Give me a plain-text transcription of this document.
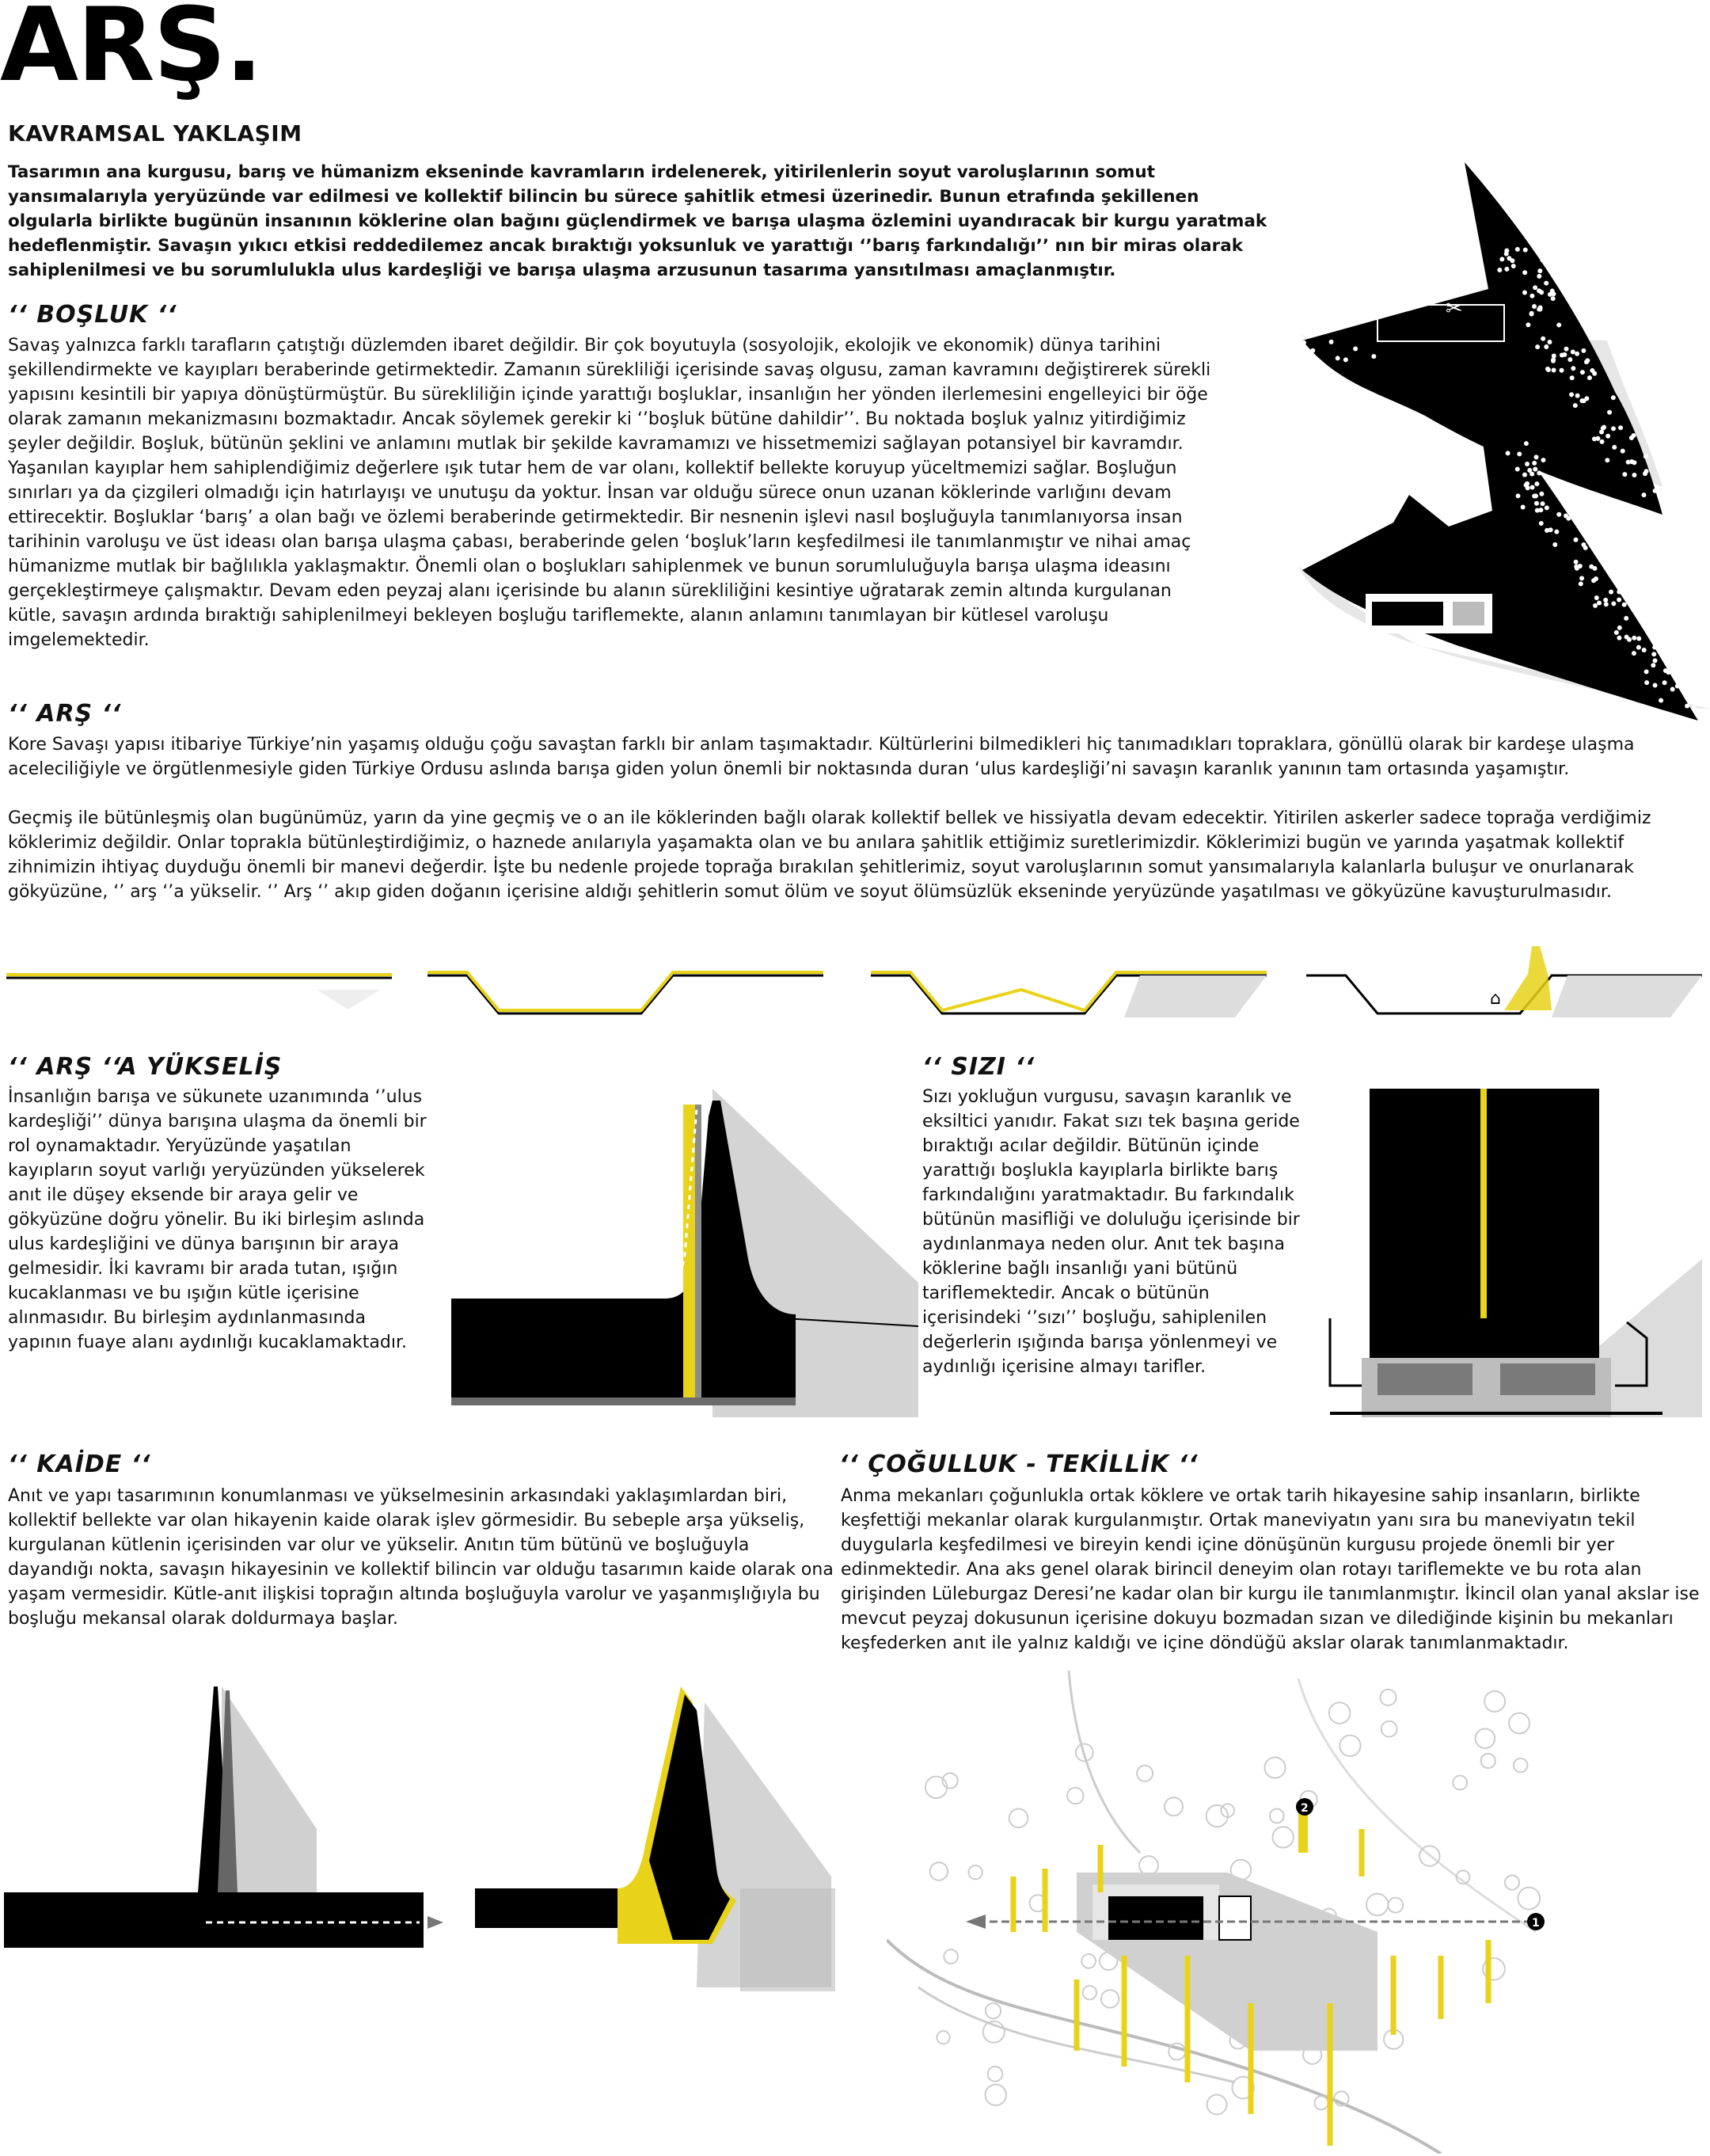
ARŞ.
KAVRAMSAL YAKLAŞIM
Tasarımın ana kurgusu, barış ve hümanizm ekseninde kavramların irdelenerek, yitirilenlerin soyut varoluşlarının somut yansımalarıyla yeryüzünde var edilmesi ve kollektif bilincin bu sürece şahitlik etmesi üzerinedir. Bunun etrafında şekillenen olgularla birlikte bugünün insanının köklerine olan bağını güçlendirmek ve barışa ulaşma özlemini uyandıracak bir kurgu yaratmak hedeflenmiştir. Savaşın yıkıcı etkisi reddedilemez ancak bıraktığı yoksunluk ve yarattığı ‘’barış farkındalığı’’ nın bir miras olarak sahiplenilmesi ve bu sorumlulukla ulus kardeşliği ve barışa ulaşma arzusunun tasarıma yansıtılması amaçlanmıştır.
✂
‘‘ BOŞLUK ‘‘
Savaş yalnızca farklı tarafların çatıştığı düzlemden ibaret değildir. Bir çok boyutuyla (sosyolojik, ekolojik ve ekonomik) dünya tarihini şekillendirmekte ve kayıpları beraberinde getirmektedir. Zamanın sürekliliği içerisinde savaş olgusu, zaman kavramını değiştirerek sürekli yapısını kesintili bir yapıya dönüştürmüştür. Bu sürekliliğin içinde yarattığı boşluklar, insanlığın her yönden ilerlemesini engelleyici bir öğe olarak zamanın mekanizmasını bozmaktadır. Ancak söylemek gerekir ki ‘’boşluk bütüne dahildir’’. Bu noktada boşluk yalnız yitirdiğimiz şeyler değildir. Boşluk, bütünün şeklini ve anlamını mutlak bir şekilde kavramamızı ve hissetmemizi sağlayan potansiyel bir kavramdır. Yaşanılan kayıplar hem sahiplendiğimiz değerlere ışık tutar hem de var olanı, kollektif bellekte koruyup yüceltmemizi sağlar. Boşluğun sınırları ya da çizgileri olmadığı için hatırlayışı ve unutuşu da yoktur. İnsan var olduğu sürece onun uzanan köklerinde varlığını devam ettirecektir. Boşluklar ‘barış’ a olan bağı ve özlemi beraberinde getirmektedir. Bir nesnenin işlevi nasıl boşluğuyla tanımlanıyorsa insan tarihinin varoluşu ve üst ideası olan barışa ulaşma çabası, beraberinde gelen ‘boşluk’ların keşfedilmesi ile tanımlanmıştır ve nihai amaç hümanizme mutlak bir bağlılıkla yaklaşmaktır. Önemli olan o boşlukları sahiplenmek ve bunun sorumluluğuyla barışa ulaşma ideasını gerçekleştirmeye çalışmaktır. Devam eden peyzaj alanı içerisinde bu alanın sürekliliğini kesintiye uğratarak zemin altında kurgulanan kütle, savaşın ardında bıraktığı sahiplenilmeyi bekleyen boşluğu tariflemekte, alanın anlamını tanımlayan bir kütlesel varoluşu imgelemektedir.
‘‘ ARŞ ‘‘
Kore Savaşı yapısı itibariye Türkiye’nin yaşamış olduğu çoğu savaştan farklı bir anlam taşımaktadır. Kültürlerini bilmedikleri hiç tanımadıkları topraklara, gönüllü olarak bir kardeşe ulaşma aceleciliğiyle ve örgütlenmesiyle giden Türkiye Ordusu aslında barışa giden yolun önemli bir noktasında duran ‘ulus kardeşliği’ni savaşın karanlık yanının tam ortasında yaşamıştır.
Geçmiş ile bütünleşmiş olan bugünümüz, yarın da yine geçmiş ve o an ile köklerinden bağlı olarak kollektif bellek ve hissiyatla devam edecektir. Yitirilen askerler sadece toprağa verdiğimiz köklerimiz değildir. Onlar toprakla bütünleştirdiğimiz, o haznede anılarıyla yaşamakta olan ve bu anılara şahitlik ettiğimiz suretlerimizdir. Köklerimizi bugün ve yarında yaşatmak kollektif zihnimizin ihtiyaç duyduğu önemli bir manevi değerdir. İşte bu nedenle projede toprağa bırakılan şehitlerimiz, soyut varoluşlarının somut yansımalarıyla kalanlarla buluşur ve onurlanarak gökyüzüne, ‘’ arş ‘’a yükselir. ‘’ Arş ‘’ akıp giden doğanın içerisine aldığı şehitlerin somut ölüm ve soyut ölümsüzlük ekseninde yeryüzünde yaşatılması ve gökyüzüne kavuşturulmasıdır.
⌂
‘‘ ARŞ ‘‘A YÜKSELİŞ
İnsanlığın barışa ve sükunete uzanımında ‘’ulus kardeşliği’’ dünya barışına ulaşma da önemli bir rol oynamaktadır. Yeryüzünde yaşatılan kayıpların soyut varlığı yeryüzünden yükselerek anıt ile düşey eksende bir araya gelir ve gökyüzüne doğru yönelir. Bu iki birleşim aslında ulus kardeşliğini ve dünya barışının bir araya gelmesidir. İki kavramı bir arada tutan, ışığın kucaklanması ve bu ışığın kütle içerisine alınmasıdır. Bu birleşim aydınlanmasında yapının fuaye alanı aydınlığı kucaklamaktadır.
‘‘ SIZI ‘‘
Sızı yokluğun vurgusu, savaşın karanlık ve eksiltici yanıdır. Fakat sızı tek başına geride bıraktığı acılar değildir. Bütünün içinde yarattığı boşlukla kayıplarla birlikte barış farkındalığını yaratmaktadır. Bu farkındalık bütünün masifliği ve doluluğu içerisinde bir aydınlanmaya neden olur. Anıt tek başına köklerine bağlı insanlığı yani bütünü tariflemektedir. Ancak o bütünün içerisindeki ‘’sızı’’ boşluğu, sahiplenilen değerlerin ışığında barışa yönlenmeyi ve aydınlığı içerisine almayı tarifler.
‘‘ KAİDE ‘‘
Anıt ve yapı tasarımının konumlanması ve yükselmesinin arkasındaki yaklaşımlardan biri, kollektif bellekte var olan hikayenin kaide olarak işlev görmesidir. Bu sebeple arşa yükseliş, kurgulanan kütlenin içerisinden var olur ve yükselir. Anıtın tüm bütünü ve boşluğuyla dayandığı nokta, savaşın hikayesinin ve kollektif bilincin var olduğu tasarımın kaide olarak ona yaşam vermesidir. Kütle-anıt ilişkisi toprağın altında boşluğuyla varolur ve yaşanmışlığıyla bu boşluğu mekansal olarak doldurmaya başlar.
‘‘ ÇOĞULLUK - TEKİLLİK ‘‘
Anma mekanları çoğunlukla ortak köklere ve ortak tarih hikayesine sahip insanların, birlikte keşfettiği mekanlar olarak kurgulanmıştır. Ortak maneviyatın yanı sıra bu maneviyatın tekil duygularla keşfedilmesi ve bireyin kendi içine dönüşünün kurgusu projede önemli bir yer edinmektedir. Ana aks genel olarak birincil deneyim olan rotayı tariflemekte ve bu rota alan girişinden Lüleburgaz Deresi’ne kadar olan bir kurgu ile tanımlanmıştır. İkincil olan yanal akslar ise mevcut peyzaj dokusunun içerisine dokuyu bozmadan sızan ve dilediğinde kişinin bu mekanları keşfederken anıt ile yalnız kaldığı ve içine döndüğü akslar olarak tanımlanmaktadır.
2
1
